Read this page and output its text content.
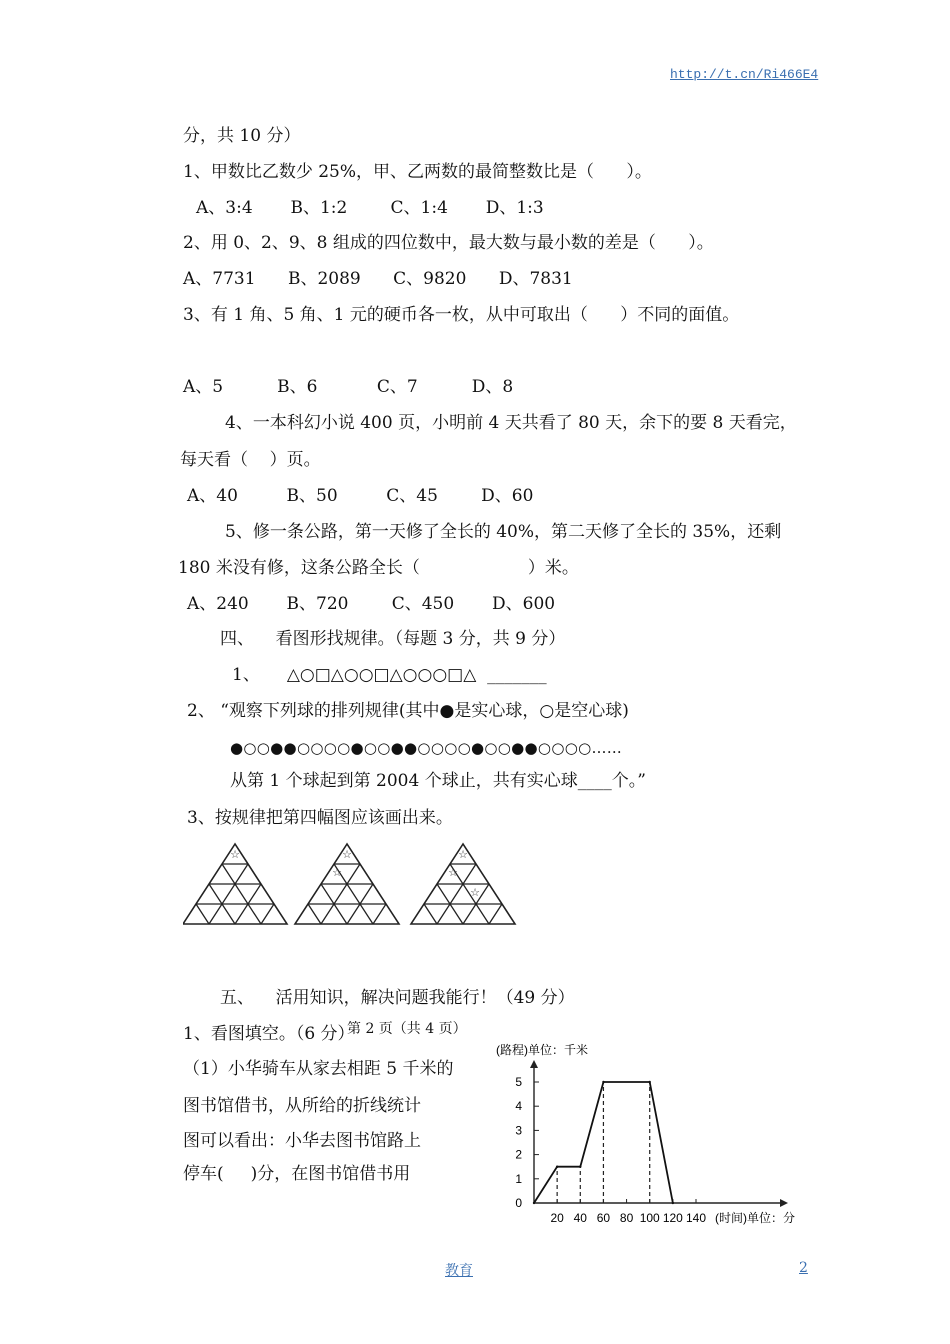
http://t.cn/Ri466E4
分，共 10 分）
1、甲数比乙数少 25%，甲、乙两数的最简整数比是（      ）。
A、3:4       B、1:2        C、1:4       D、1:3
2、用 0、2、9、8 组成的四位数中，最大数与最小数的差是（      ）。
A、7731      B、2089      C、9820      D、7831
3、有 1 角、5 角、1 元的硬币各一枚，从中可取出（      ）不同的面值。
A、5          B、6           C、7          D、8
4、一本科幻小说 400 页，小明前 4 天共看了 80 天，余下的要 8 天看完，
每天看（    ）页。
A、40         B、50         C、45        D、60
5、修一条公路，第一天修了全长的 40%，第二天修了全长的 35%，还剩
180 米没有修，这条公路全长（                    ）米。
A、240       B、720        C、450       D、600
四、    看图形找规律。（每题 3 分，共 9 分）
1、     △○□△○○□△○○○□△  _______
2、 “观察下列球的排列规律(其中●是实心球，○是空心球)
●○○●●○○○○●○○●●○○○○●○○●●○○○○……
从第 1 个球起到第 2004 个球止，共有实心球____个。”
3、按规律把第四幅图应该画出来。
☆	☆
☆
☆
☆
☆
五、    活用知识，解决问题我能行！（49 分）
1、看图填空。（6 分）
第 2 页（共 4 页）
（1）小华骑车从家去相距 5 千米的
图书馆借书，从所给的折线统计
图可以看出：小华去图书馆路上
停车(     )分，在图书馆借书用
(路程)单位：千米
0
1
2
3
4
5
20 40 60 80 100 120 140 (时间)单位：分
教育	2
